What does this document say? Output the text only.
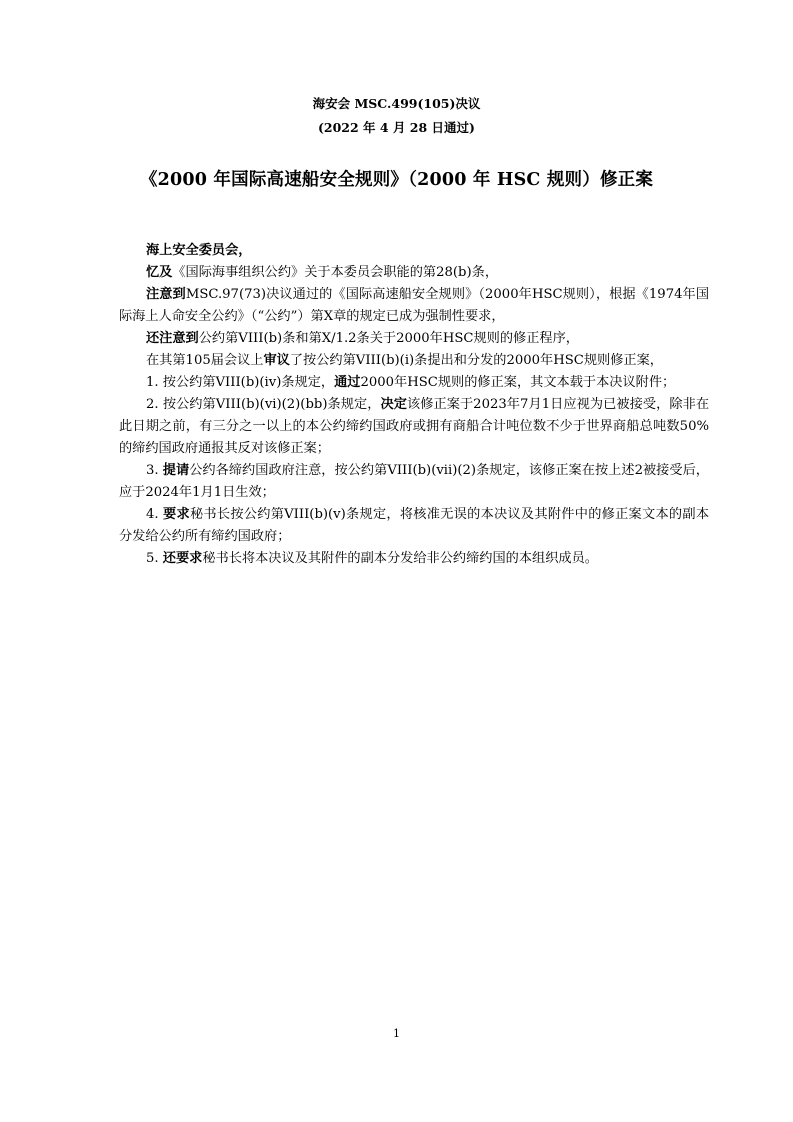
海安会 MSC.499(105)决议
(2022 年 4 月 28 日通过)
《2000 年国际高速船安全规则》（2000 年 HSC 规则）修正案

海上安全委员会，

忆及《国际海事组织公约》关于本委员会职能的第28(b)条，

注意到MSC.97(73)决议通过的《国际高速船安全规则》（2000年HSC规则），根据《1974年国际海上人命安全公约》（“公约”）第X章的规定已成为强制性要求，

还注意到公约第VIII(b)条和第X/1.2条关于2000年HSC规则的修正程序，

在其第105届会议上审议了按公约第VIII(b)(i)条提出和分发的2000年HSC规则修正案，

1. 按公约第VIII(b)(iv)条规定，通过2000年HSC规则的修正案，其文本载于本决议附件；

2. 按公约第VIII(b)(vi)(2)(bb)条规定，决定该修正案于2023年7月1日应视为已被接受，除非在此日期之前，有三分之一以上的本公约缔约国政府或拥有商船合计吨位数不少于世界商船总吨数50%的缔约国政府通报其反对该修正案；

3. 提请公约各缔约国政府注意，按公约第VIII(b)(vii)(2)条规定，该修正案在按上述2被接受后，应于2024年1月1日生效；

4. 要求秘书长按公约第VIII(b)(v)条规定，将核准无误的本决议及其附件中的修正案文本的副本分发给公约所有缔约国政府；

5. 还要求秘书长将本决议及其附件的副本分发给非公约缔约国的本组织成员。

1
